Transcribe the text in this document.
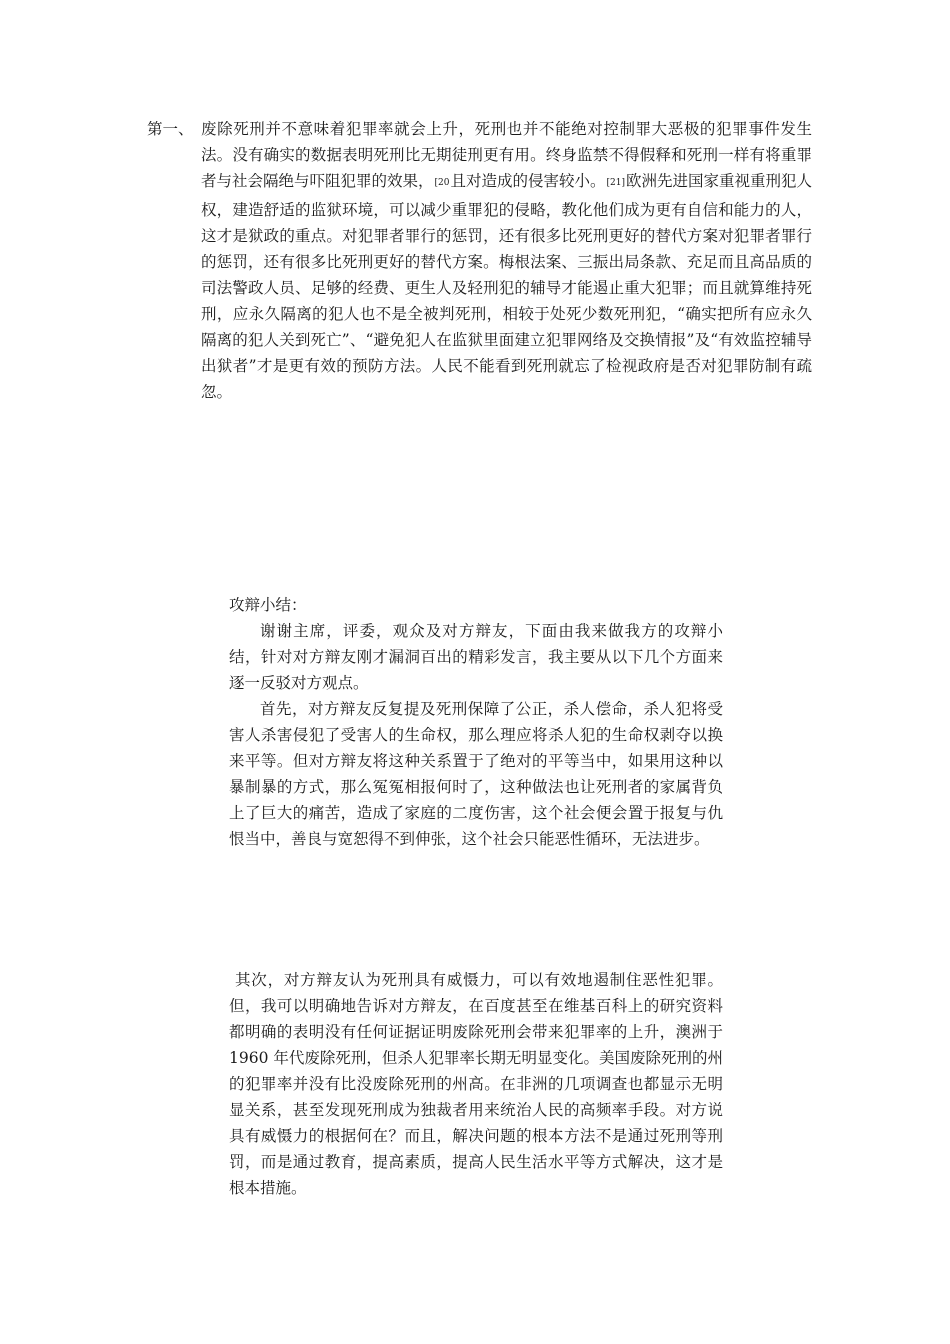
第一、 废除死刑并不意味着犯罪率就会上升，死刑也并不能绝对控制罪大恶极的犯罪事件发生法。没有确实的数据表明死刑比无期徒刑更有用。终身监禁不得假释和死刑一样有将重罪者与社会隔绝与吓阻犯罪的效果，$^{[20}$且对造成的侵害较小。[21]欧洲先进国家重视重刑犯人权，建造舒适的监狱环境，可以减少重罪犯的侵略，教化他们成为更有自信和能力的人，这才是狱政的重点。对犯罪者罪行的惩罚，还有很多比死刑更好的替代方案对犯罪者罪行的惩罚，还有很多比死刑更好的替代方案。梅根法案、三振出局条款、充足而且高品质的司法警政人员、足够的经费、更生人及轻刑犯的辅导才能遏止重大犯罪；而且就算维持死刑，应永久隔离的犯人也不是全被判死刑，相较于处死少数死刑犯，“确实把所有应永久隔离的犯人关到死亡”、“避免犯人在监狱里面建立犯罪网络及交换情报”及“有效监控辅导出狱者”才是更有效的预防方法。人民不能看到死刑就忘了检视政府是否对犯罪防制有疏忽。

攻辩小结：

谢谢主席，评委，观众及对方辩友，下面由我来做我方的攻辩小结，针对对方辩友刚才漏洞百出的精彩发言，我主要从以下几个方面来逐一反驳对方观点。

首先，对方辩友反复提及死刑保障了公正，杀人偿命，杀人犯将受害人杀害侵犯了受害人的生命权，那么理应将杀人犯的生命权剥夺以换来平等。但对方辩友将这种关系置于了绝对的平等当中，如果用这种以暴制暴的方式，那么冤冤相报何时了，这种做法也让死刑者的家属背负上了巨大的痛苦，造成了家庭的二度伤害，这个社会便会置于报复与仇恨当中，善良与宽恕得不到伸张，这个社会只能恶性循环，无法进步。

其次，对方辩友认为死刑具有威慑力，可以有效地遏制住恶性犯罪。但，我可以明确地告诉对方辩友，在百度甚至在维基百科上的研究资料都明确的表明没有任何证据证明废除死刑会带来犯罪率的上升，澳洲于 1960 年代废除死刑，但杀人犯罪率长期无明显变化。美国废除死刑的州的犯罪率并没有比没废除死刑的州高。在非洲的几项调查也都显示无明显关系，甚至发现死刑成为独裁者用来统治人民的高频率手段。对方说具有威慑力的根据何在？而且，解决问题的根本方法不是通过死刑等刑罚，而是通过教育，提高素质，提高人民生活水平等方式解决，这才是根本措施。
